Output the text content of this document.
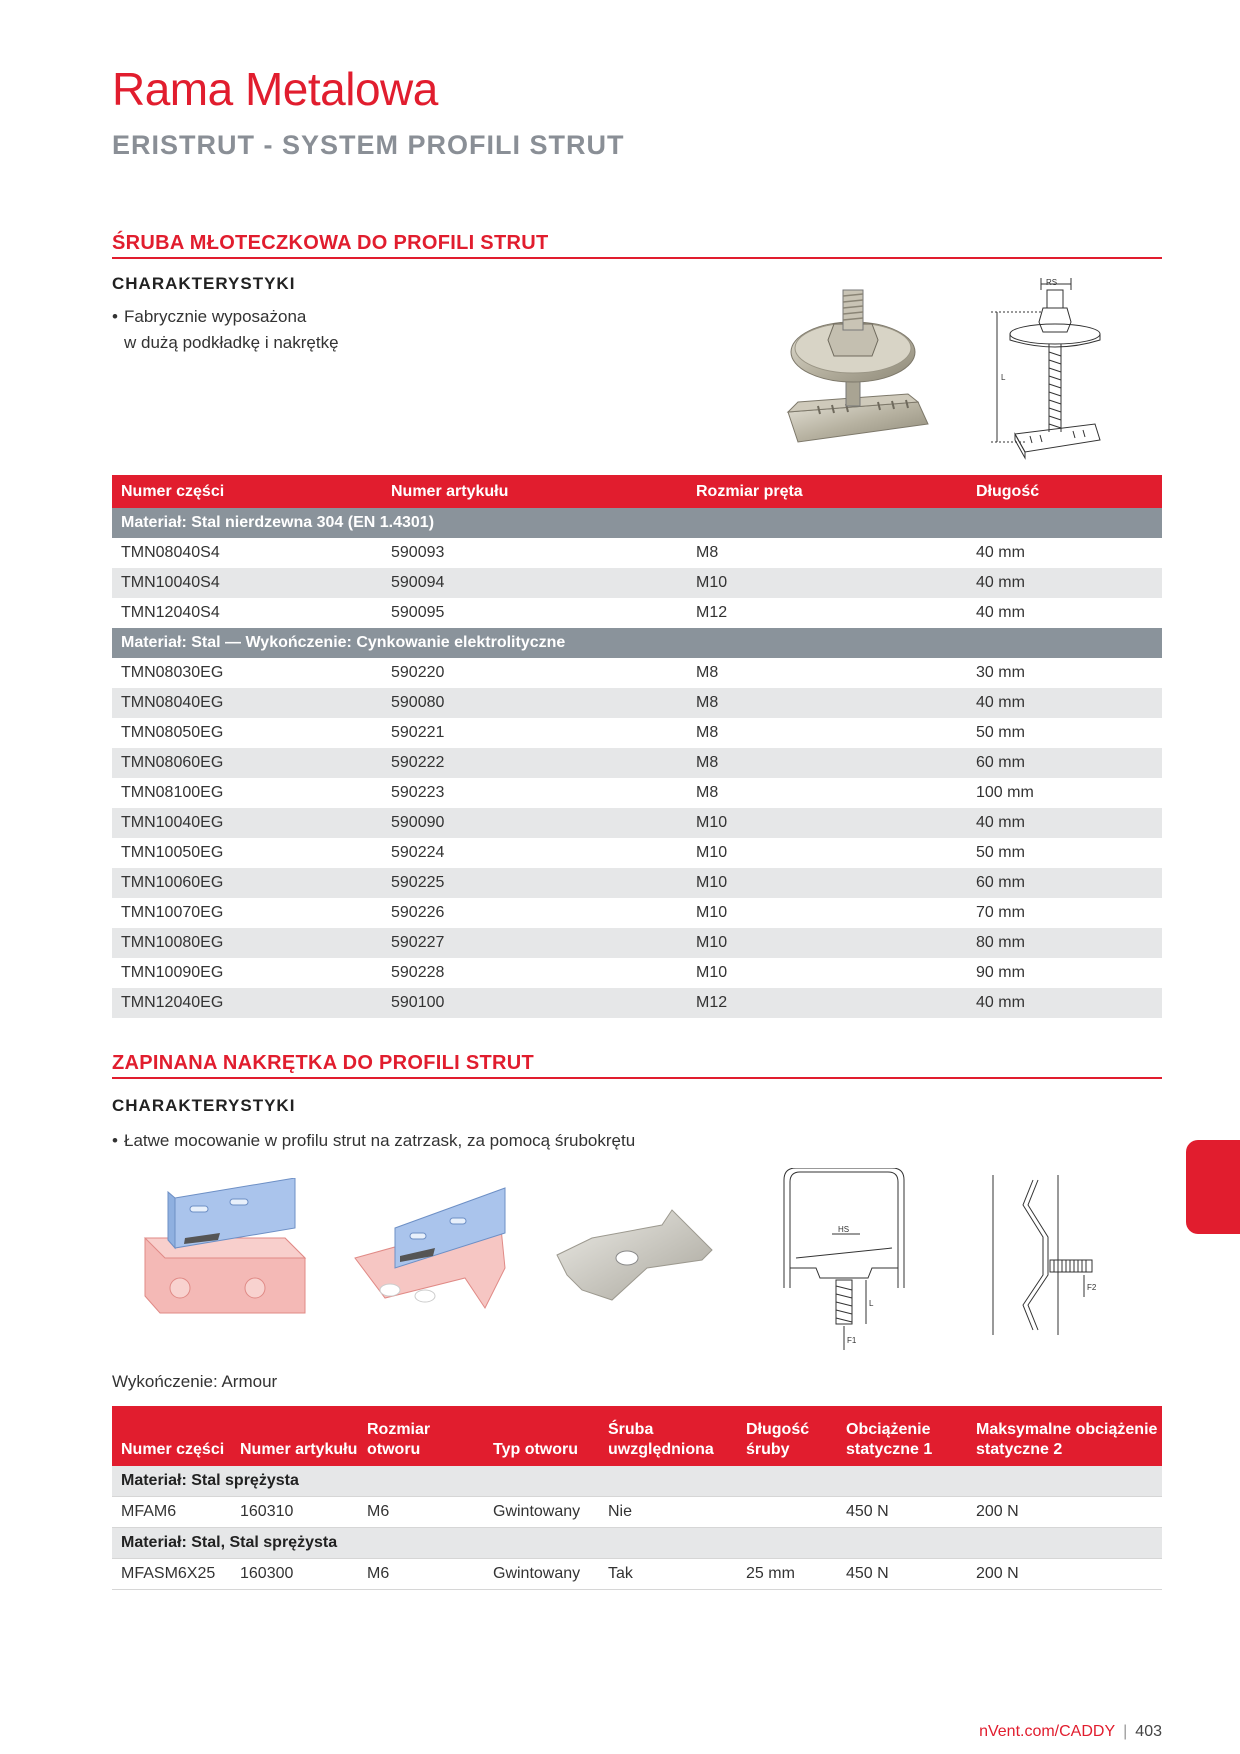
Rama Metalowa
ERISTRUT - SYSTEM PROFILI STRUT
ŚRUBA MŁOTECZKOWA DO PROFILI STRUT
CHARAKTERYSTYKI
• Fabrycznie wyposażona
w dużą podkładkę i nakrętkę
RS
L
Numer części	Numer artykułu	Rozmiar pręta	Długość
Materiał: Stal nierdzewna 304 (EN 1.4301)			
TMN08040S4	590093	M8	40 mm
TMN10040S4	590094	M10	40 mm
TMN12040S4	590095	M12	40 mm
Materiał: Stal — Wykończenie: Cynkowanie elektrolityczne			
TMN08030EG	590220	M8	30 mm
TMN08040EG	590080	M8	40 mm
TMN08050EG	590221	M8	50 mm
TMN08060EG	590222	M8	60 mm
TMN08100EG	590223	M8	100 mm
TMN10040EG	590090	M10	40 mm
TMN10050EG	590224	M10	50 mm
TMN10060EG	590225	M10	60 mm
TMN10070EG	590226	M10	70 mm
TMN10080EG	590227	M10	80 mm
TMN10090EG	590228	M10	90 mm
TMN12040EG	590100	M12	40 mm
ZAPINANA NAKRĘTKA DO PROFILI STRUT
CHARAKTERYSTYKI
• Łatwe mocowanie w profilu strut na zatrzask, za pomocą śrubokrętu
HS
L
F1
F2
Wykończenie: Armour
Numer części	Numer artykułu	Rozmiar otworu	Typ otworu	Śruba uwzględniona	Długość śruby	Obciążenie statyczne 1	Maksymalne obciążenie statyczne 2
Materiał: Stal sprężysta							
MFAM6	160310	M6	Gwintowany	Nie		450 N	200 N
Materiał: Stal, Stal sprężysta							
MFASM6X25	160300	M6	Gwintowany	Tak	25 mm	450 N	200 N
nVent.com/CADDY | 403
